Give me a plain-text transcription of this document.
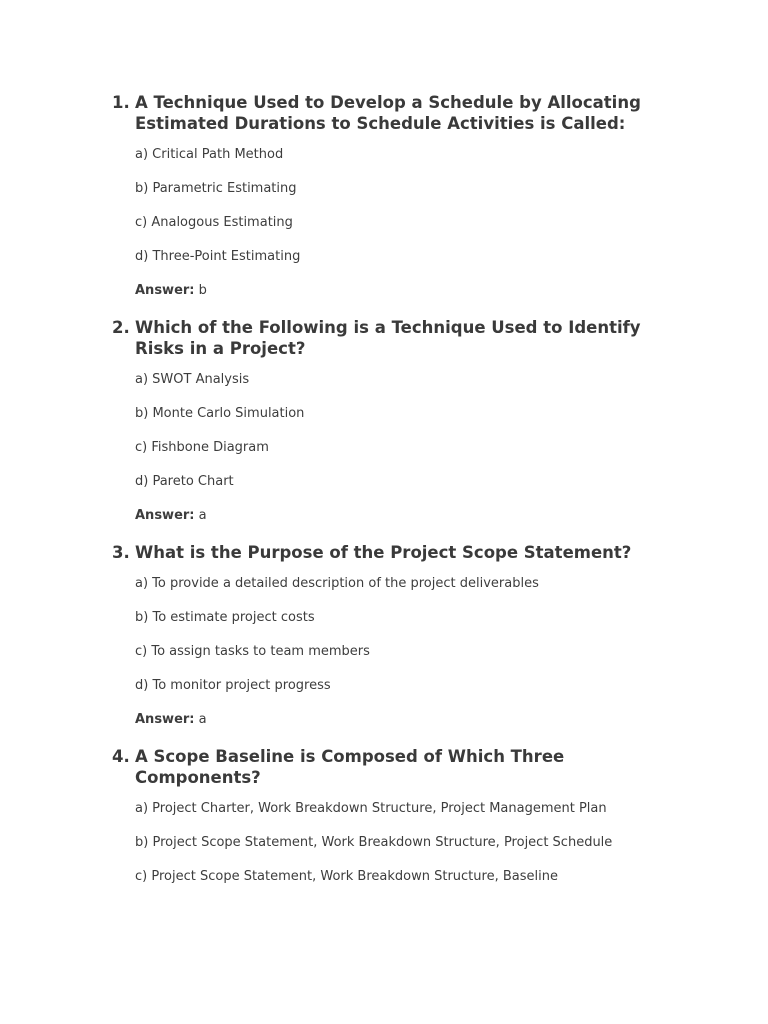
1. A Technique Used to Develop a Schedule by Allocating Estimated Durations to Schedule Activities is Called:
a) Critical Path Method
b) Parametric Estimating
c) Analogous Estimating
d) Three-Point Estimating
Answer: b
2. Which of the Following is a Technique Used to Identify Risks in a Project?
a) SWOT Analysis
b) Monte Carlo Simulation
c) Fishbone Diagram
d) Pareto Chart
Answer: a
3. What is the Purpose of the Project Scope Statement?
a) To provide a detailed description of the project deliverables
b) To estimate project costs
c) To assign tasks to team members
d) To monitor project progress
Answer: a
4. A Scope Baseline is Composed of Which Three Components?
a) Project Charter, Work Breakdown Structure, Project Management Plan
b) Project Scope Statement, Work Breakdown Structure, Project Schedule
c) Project Scope Statement, Work Breakdown Structure, Baseline
